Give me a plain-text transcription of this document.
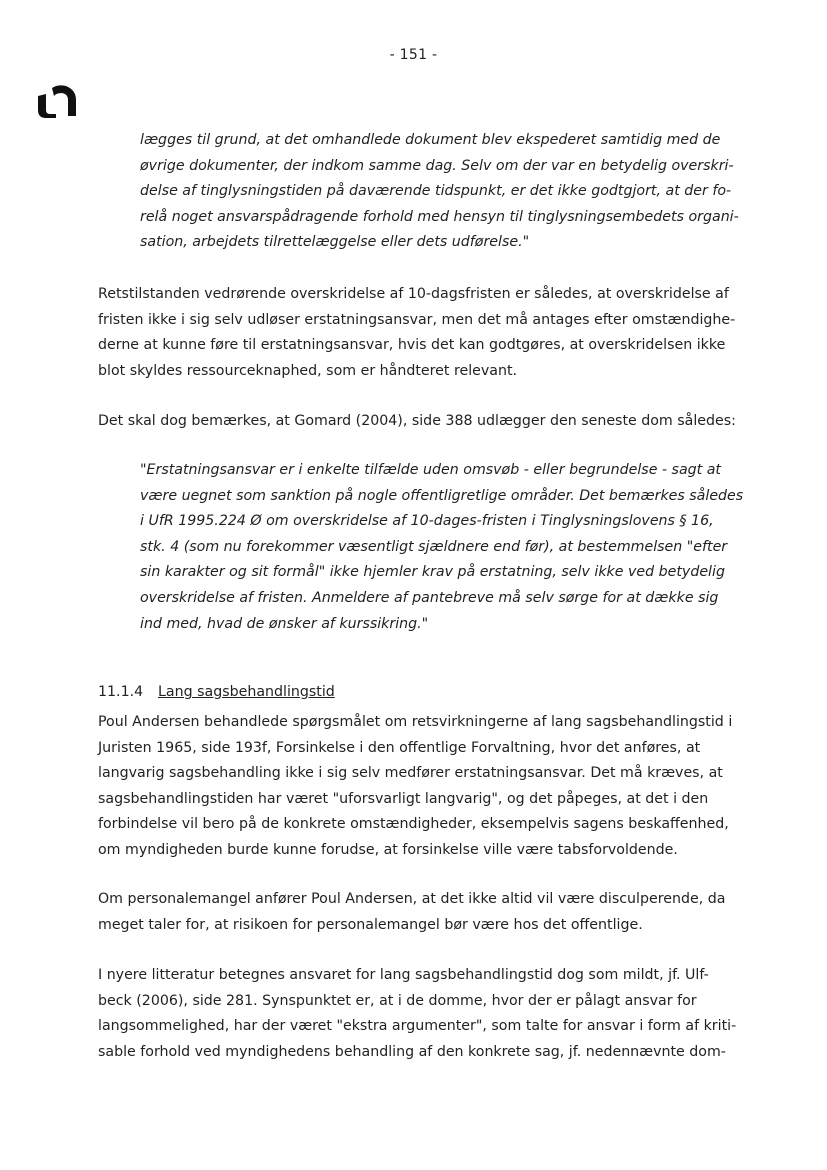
- 151 -
lægges til grund, at det omhandlede dokument blev ekspederet samtidig med de
øvrige dokumenter, der indkom samme dag. Selv om der var en betydelig overskri-
delse af tinglysningstiden på daværende tidspunkt, er det ikke godtgjort, at der fo-
relå noget ansvarspådragende forhold med hensyn til tinglysningsembedets organi-
sation, arbejdets tilrettelæggelse eller dets udførelse."
Retstilstanden vedrørende overskridelse af 10-dagsfristen er således, at overskridelse af
fristen ikke i sig selv udløser erstatningsansvar, men det må antages efter omstændighe-
derne at kunne føre til erstatningsansvar, hvis det kan godtgøres, at overskridelsen ikke
blot skyldes ressourceknaphed, som er håndteret relevant.
Det skal dog bemærkes, at Gomard (2004), side 388 udlægger den seneste dom således:
"Erstatningsansvar er i enkelte tilfælde uden omsvøb - eller begrundelse - sagt at
være uegnet som sanktion på nogle offentligretlige områder. Det bemærkes således
i UfR 1995.224 Ø om overskridelse af 10-dages-fristen i Tinglysningslovens § 16,
stk. 4 (som nu forekommer væsentligt sjældnere end før), at bestemmelsen "efter
sin karakter og sit formål" ikke hjemler krav på erstatning, selv ikke ved betydelig
overskridelse af fristen. Anmeldere af pantebreve må selv sørge for at dække sig
ind med, hvad de ønsker af kurssikring."
11.1.4 Lang sagsbehandlingstid
Poul Andersen behandlede spørgsmålet om retsvirkningerne af lang sagsbehandlingstid i
Juristen 1965, side 193f, Forsinkelse i den offentlige Forvaltning, hvor det anføres, at
langvarig sagsbehandling ikke i sig selv medfører erstatningsansvar. Det må kræves, at
sagsbehandlingstiden har været "uforsvarligt langvarig", og det påpeges, at det i den
forbindelse vil bero på de konkrete omstændigheder, eksempelvis sagens beskaffenhed,
om myndigheden burde kunne forudse, at forsinkelse ville være tabsforvoldende.
Om personalemangel anfører Poul Andersen, at det ikke altid vil være disculperende, da
meget taler for, at risikoen for personalemangel bør være hos det offentlige.
I nyere litteratur betegnes ansvaret for lang sagsbehandlingstid dog som mildt, jf. Ulf-
beck (2006), side 281. Synspunktet er, at i de domme, hvor der er pålagt ansvar for
langsommelighed, har der været "ekstra argumenter", som talte for ansvar i form af kriti-
sable forhold ved myndighedens behandling af den konkrete sag, jf. nedennævnte dom-
